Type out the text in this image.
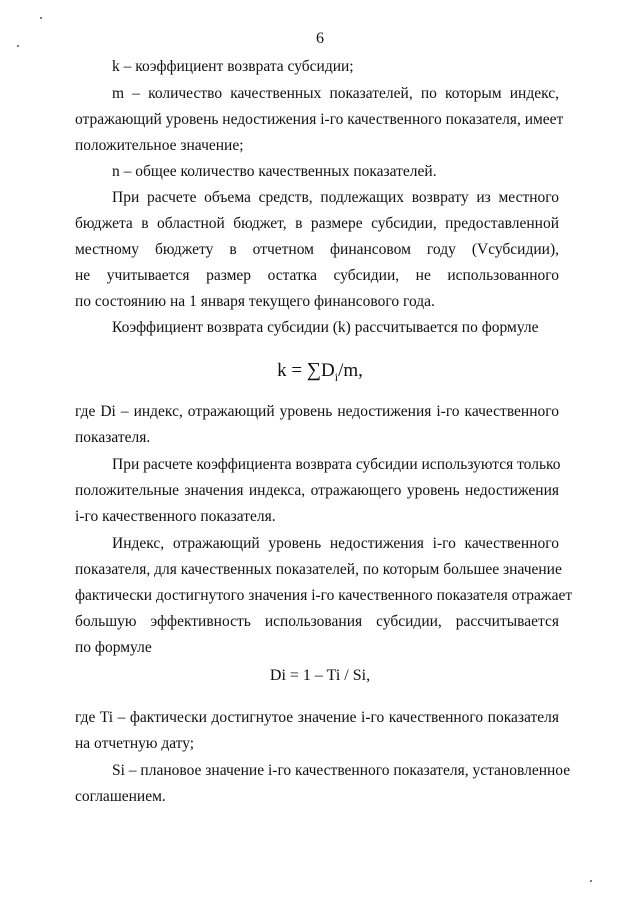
6
k – коэффициент возврата субсидии;
m – количество качественных показателей, по которым индекс,
отражающий уровень недостижения i-го качественного показателя, имеет
положительное значение;
n – общее количество качественных показателей.
При расчете объема средств, подлежащих возврату из местного
бюджета в областной бюджет, в размере субсидии, предоставленной
местному бюджету в отчетном финансовом году (Vсубсидии),
не учитывается размер остатка субсидии, не использованного
по состоянию на 1 января текущего финансового года.
Коэффициент возврата субсидии (k) рассчитывается по формуле
$k = \sum D_i/m$,
где Di – индекс, отражающий уровень недостижения i-го качественного
показателя.
При расчете коэффициента возврата субсидии используются только
положительные значения индекса, отражающего уровень недостижения
i-го качественного показателя.
Индекс, отражающий уровень недостижения i-го качественного
показателя, для качественных показателей, по которым большее значение
фактически достигнутого значения i-го качественного показателя отражает
большую эффективность использования субсидии, рассчитывается
по формуле
Di = 1 – Ti / Si,
где Ti – фактически достигнутое значение i-го качественного показателя
на отчетную дату;
Si – плановое значение i-го качественного показателя, установленное
соглашением.
